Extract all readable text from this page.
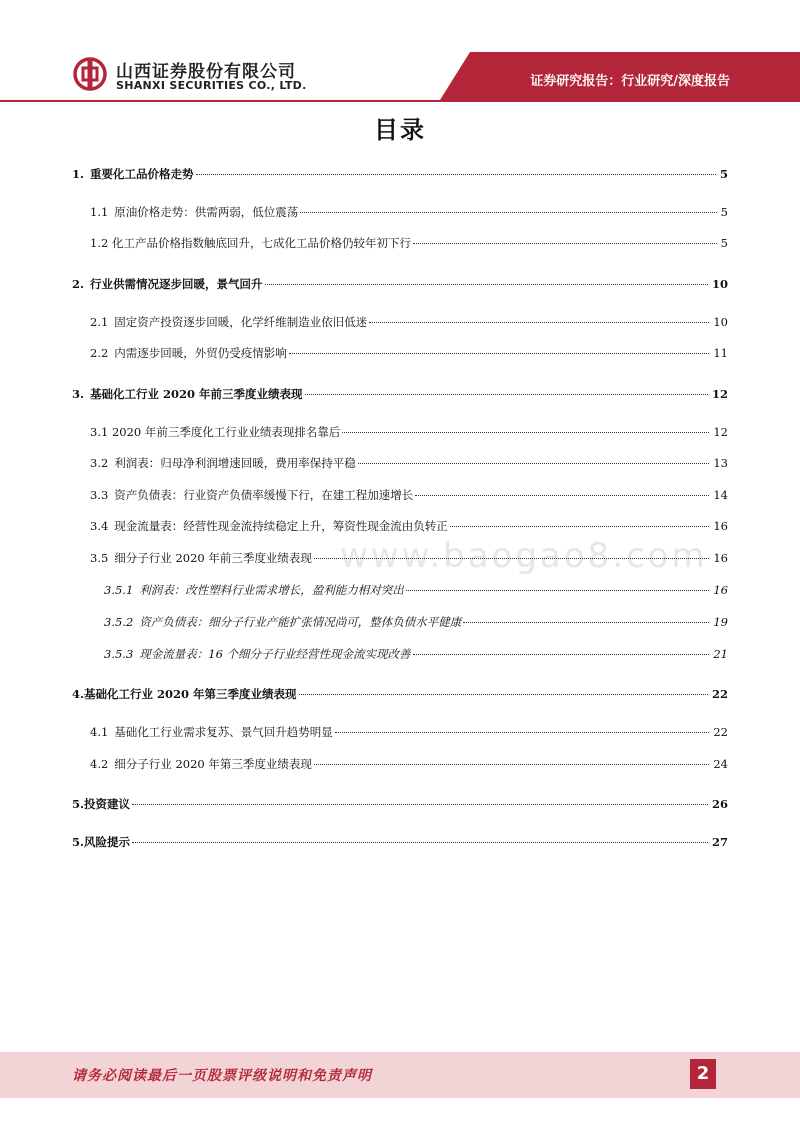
山西证券股份有限公司
SHANXI SECURITIES CO., LTD.	证券研究报告：行业研究/深度报告
目录
www.baogao8.com
1. 重要化工品价格走势	5
1.1 原油价格走势：供需两弱，低位震荡	5
1.2 化工产品价格指数触底回升，七成化工品价格仍较年初下行	5
2. 行业供需情况逐步回暖，景气回升	10
2.1 固定资产投资逐步回暖，化学纤维制造业依旧低迷	10
2.2 内需逐步回暖，外贸仍受疫情影响	11
3. 基础化工行业 2020 年前三季度业绩表现	12
3.1 2020 年前三季度化工行业业绩表现排名靠后	12
3.2 利润表：归母净利润增速回暖，费用率保持平稳	13
3.3 资产负债表：行业资产负债率缓慢下行，在建工程加速增长	14
3.4 现金流量表：经营性现金流持续稳定上升，筹资性现金流由负转正	16
3.5 细分子行业 2020 年前三季度业绩表现	16
3.5.1 利润表：改性塑料行业需求增长，盈利能力相对突出	16
3.5.2 资产负债表：细分子行业产能扩张情况尚可，整体负债水平健康	19
3.5.3 现金流量表：16 个细分子行业经营性现金流实现改善	21
4.基础化工行业 2020 年第三季度业绩表现	22
4.1 基础化工行业需求复苏、景气回升趋势明显	22
4.2 细分子行业 2020 年第三季度业绩表现	24
5.投资建议	26
5.风险提示	27
请务必阅读最后一页股票评级说明和免责声明	2
